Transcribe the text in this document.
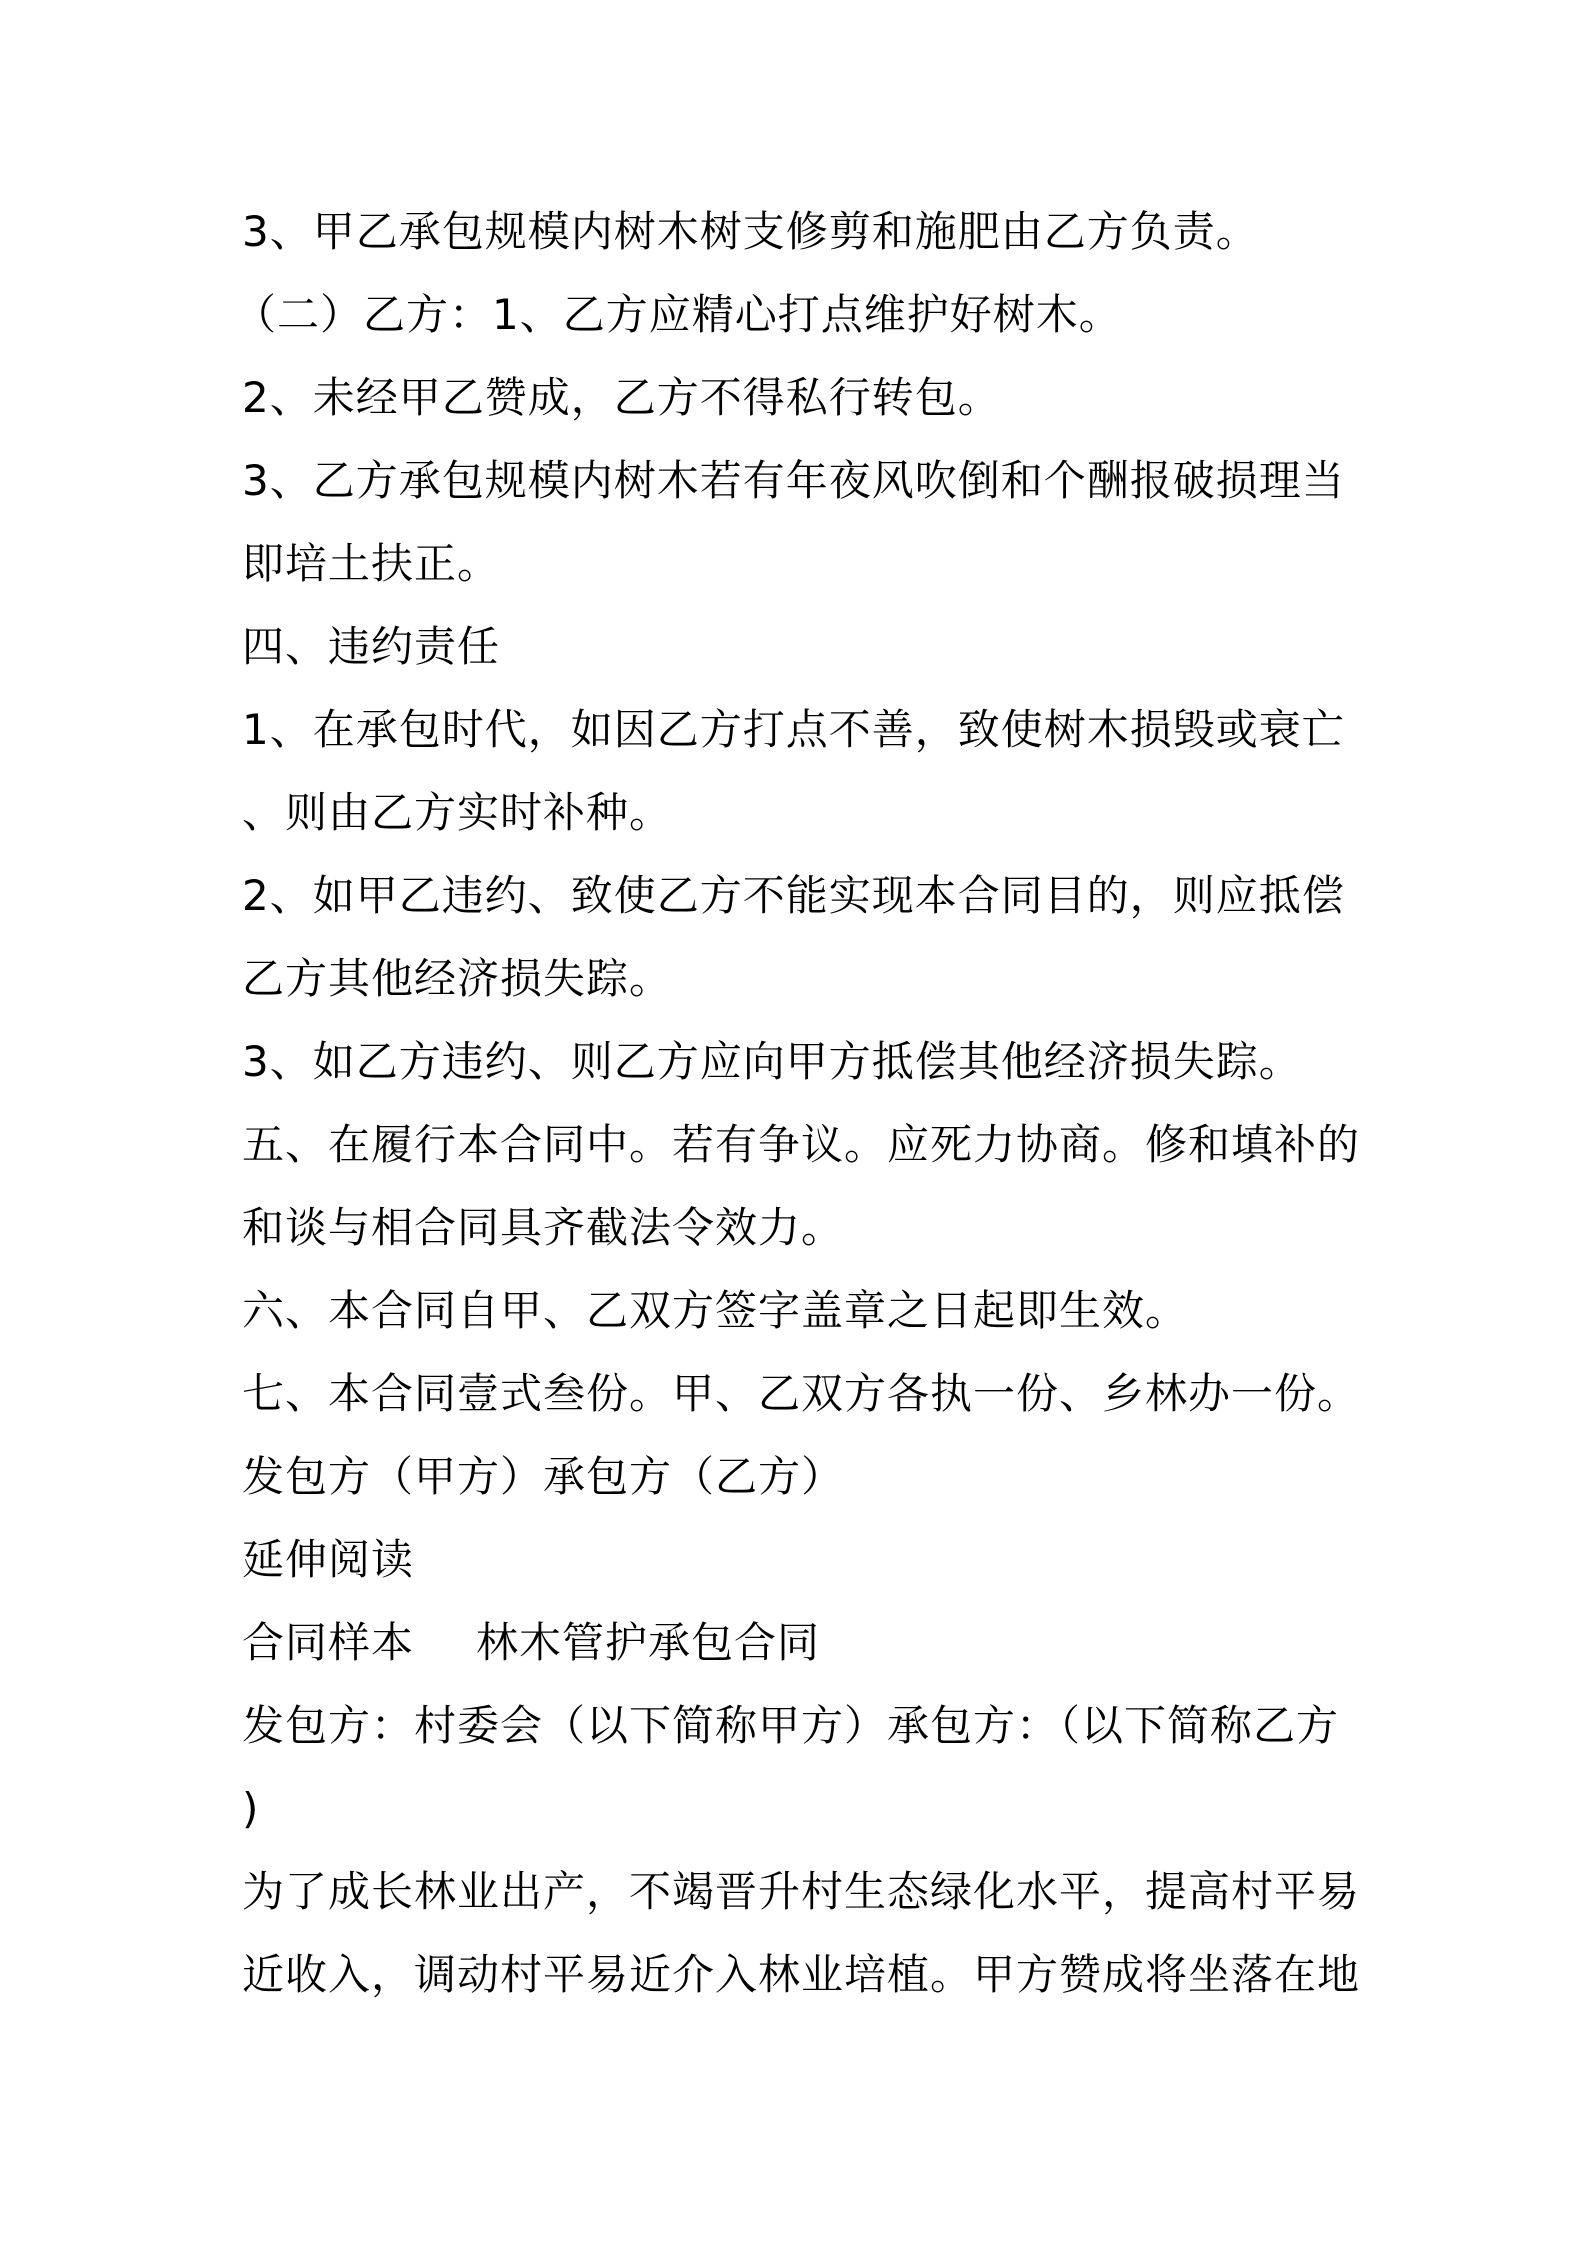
3、甲乙承包规模内树木树支修剪和施肥由乙方负责。
（二）乙方：1、乙方应精心打点维护好树木。
2、未经甲乙赞成，乙方不得私行转包。
3、乙方承包规模内树木若有年夜风吹倒和个酬报破损理当
即培土扶正。
四、违约责任
1、在承包时代，如因乙方打点不善，致使树木损毁或衰亡
、则由乙方实时补种。
2、如甲乙违约、致使乙方不能实现本合同目的，则应抵偿
乙方其他经济损失踪。
3、如乙方违约、则乙方应向甲方抵偿其他经济损失踪。
五、在履行本合同中。若有争议。应死力协商。修和填补的
和谈与相合同具齐截法令效力。
六、本合同自甲、乙双方签字盖章之日起即生效。
七、本合同壹式叁份。甲、乙双方各执一份、乡林办一份。
发包方（甲方）承包方（乙方）
延伸阅读
合同样本 林木管护承包合同
发包方：村委会（以下简称甲方）承包方：（以下简称乙方
)
为了成长林业出产，不竭晋升村生态绿化水平，提高村平易
近收入，调动村平易近介入林业培植。甲方赞成将坐落在地
